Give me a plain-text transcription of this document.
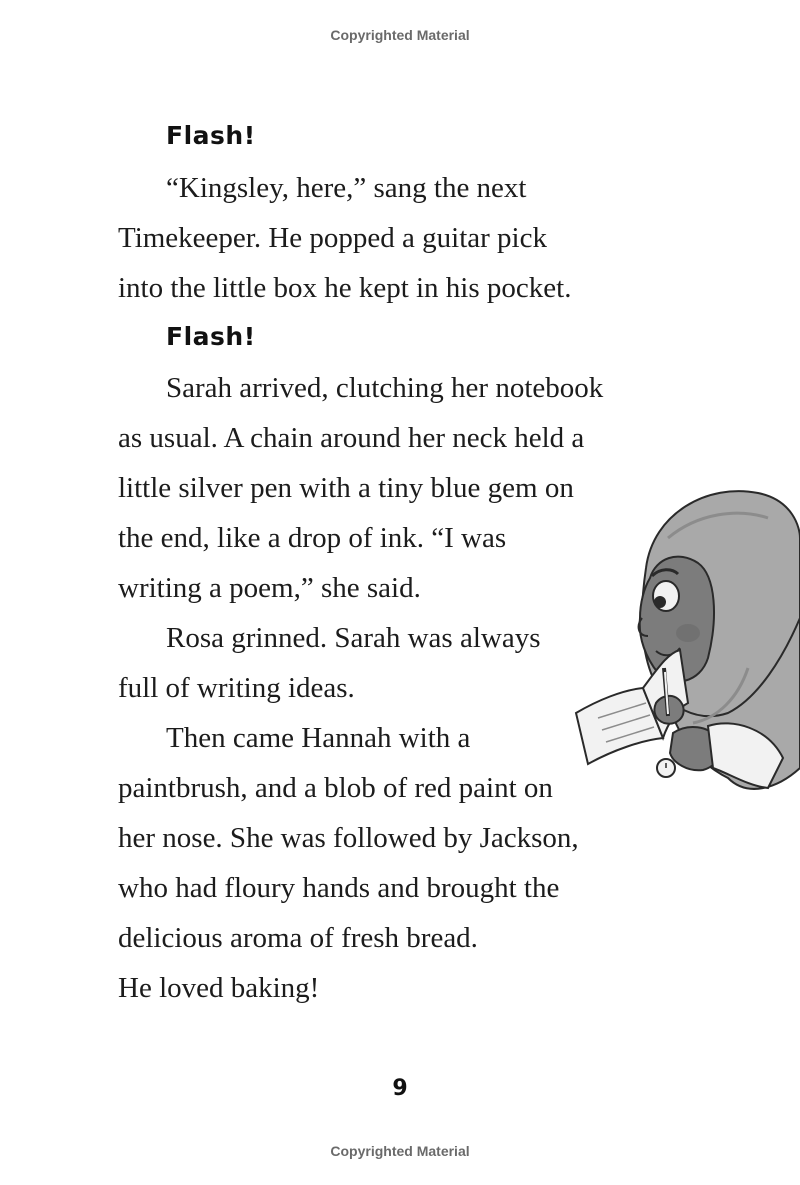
Copyrighted Material
Flash!
“Kingsley, here,” sang the next
Timekeeper. He popped a guitar pick
into the little box he kept in his pocket.
Flash!
Sarah arrived, clutching her notebook
as usual. A chain around her neck held a
little silver pen with a tiny blue gem on
the end, like a drop of ink. “I was
writing a poem,” she said.
Rosa grinned. Sarah was always
full of writing ideas.
Then came Hannah with a
paintbrush, and a blob of red paint on
her nose. She was followed by Jackson,
who had floury hands and brought the
delicious aroma of fresh bread.
He loved baking!
9
Copyrighted Material
